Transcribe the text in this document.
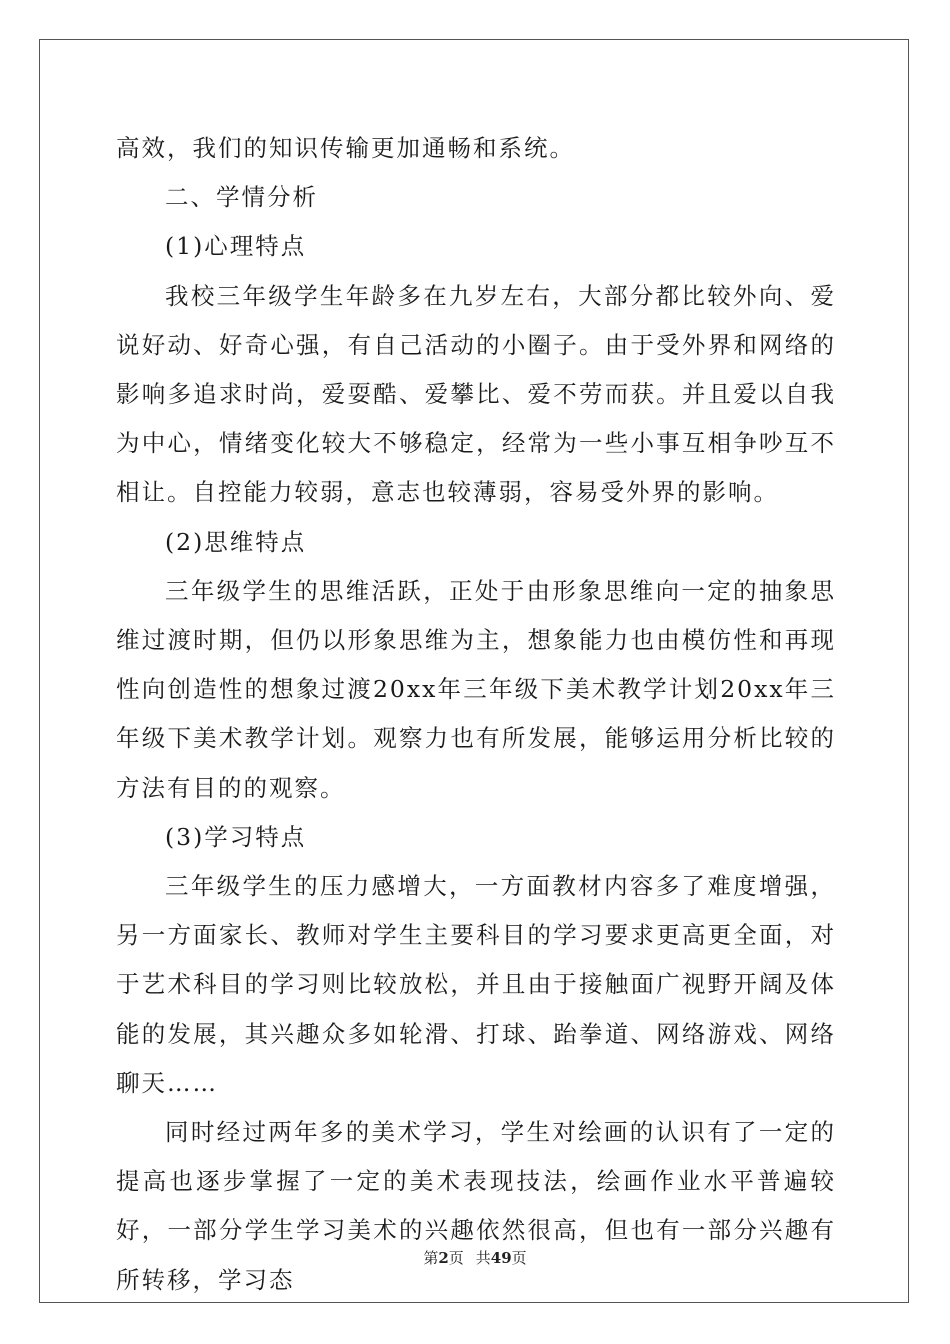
高效，我们的知识传输更加通畅和系统。

二、学情分析

(1)心理特点

我校三年级学生年龄多在九岁左右，大部分都比较外向、爱说好动、好奇心强，有自己活动的小圈子。由于受外界和网络的影响多追求时尚，爱耍酷、爱攀比、爱不劳而获。并且爱以自我为中心，情绪变化较大不够稳定，经常为一些小事互相争吵互不相让。自控能力较弱，意志也较薄弱，容易受外界的影响。

(2)思维特点

三年级学生的思维活跃，正处于由形象思维向一定的抽象思维过渡时期，但仍以形象思维为主，想象能力也由模仿性和再现性向创造性的想象过渡20xx年三年级下美术教学计划20xx年三年级下美术教学计划。观察力也有所发展，能够运用分析比较的方法有目的的观察。

(3)学习特点

三年级学生的压力感增大，一方面教材内容多了难度增强，另一方面家长、教师对学生主要科目的学习要求更高更全面，对于艺术科目的学习则比较放松，并且由于接触面广视野开阔及体能的发展，其兴趣众多如轮滑、打球、跆拳道、网络游戏、网络聊天……

同时经过两年多的美术学习，学生对绘画的认识有了一定的提高也逐步掌握了一定的美术表现技法，绘画作业水平普遍较好，一部分学生学习美术的兴趣依然很高，但也有一部分兴趣有所转移，学习态

第2页 共49页
